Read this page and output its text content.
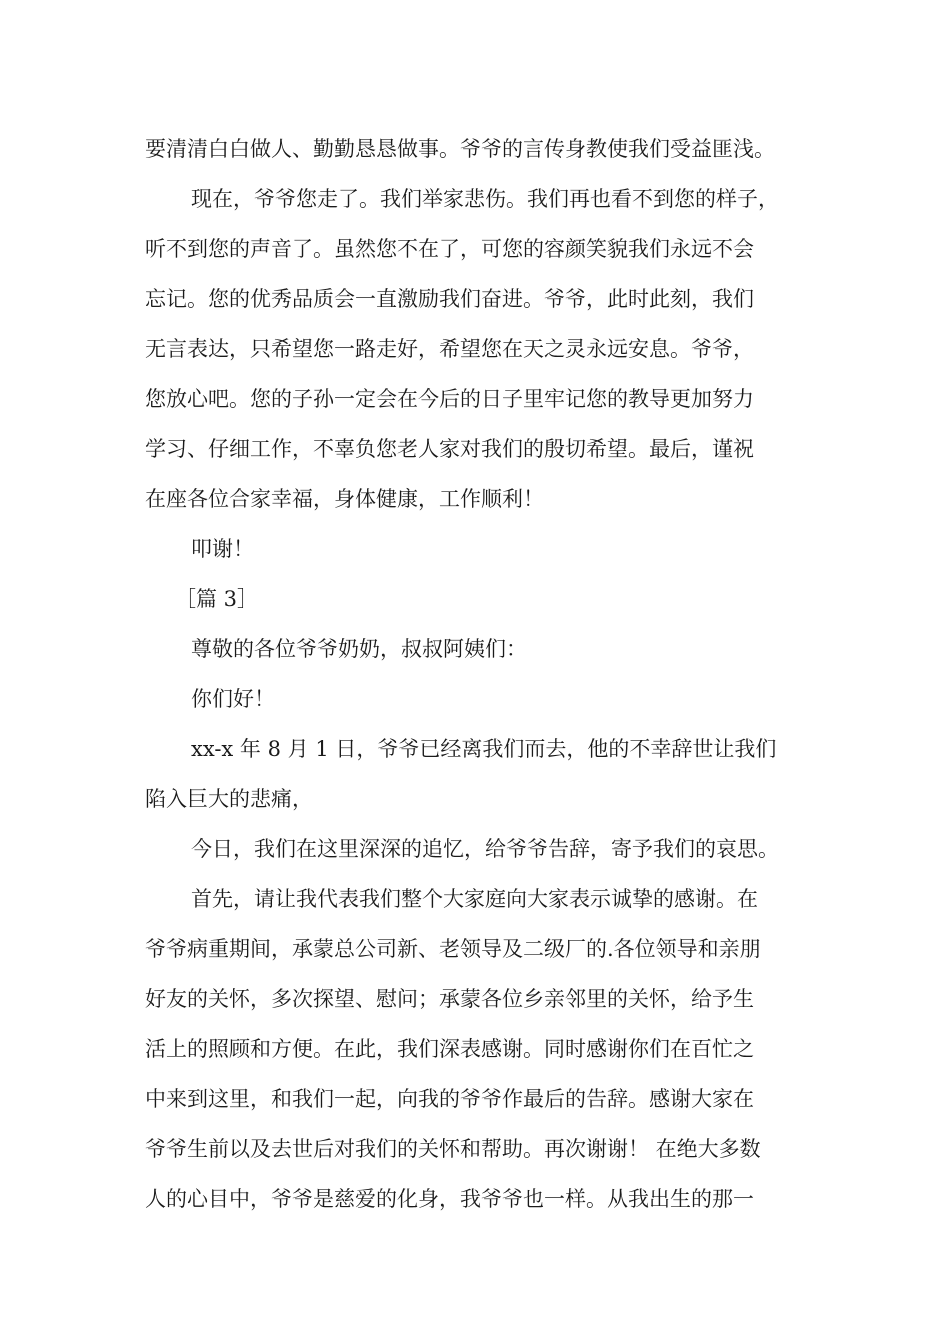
要清清白白做人、勤勤恳恳做事。爷爷的言传身教使我们受益匪浅。
现在，爷爷您走了。我们举家悲伤。我们再也看不到您的样子，
听不到您的声音了。虽然您不在了，可您的容颜笑貌我们永远不会
忘记。您的优秀品质会一直激励我们奋进。爷爷，此时此刻，我们
无言表达，只希望您一路走好，希望您在天之灵永远安息。爷爷，
您放心吧。您的子孙一定会在今后的日子里牢记您的教导更加努力
学习、仔细工作，不辜负您老人家对我们的殷切希望。最后，谨祝
在座各位合家幸福，身体健康，工作顺利！
叩谢！
［篇 3］
尊敬的各位爷爷奶奶，叔叔阿姨们：
你们好！
xx-x 年 8 月 1 日，爷爷已经离我们而去，他的不幸辞世让我们
陷入巨大的悲痛，
今日，我们在这里深深的追忆，给爷爷告辞，寄予我们的哀思。
首先，请让我代表我们整个大家庭向大家表示诚挚的感谢。在
爷爷病重期间，承蒙总公司新、老领导及二级厂的.各位领导和亲朋
好友的关怀，多次探望、慰问；承蒙各位乡亲邻里的关怀，给予生
活上的照顾和方便。在此，我们深表感谢。同时感谢你们在百忙之
中来到这里，和我们一起，向我的爷爷作最后的告辞。感谢大家在
爷爷生前以及去世后对我们的关怀和帮助。再次谢谢！ 在绝大多数
人的心目中，爷爷是慈爱的化身，我爷爷也一样。从我出生的那一
